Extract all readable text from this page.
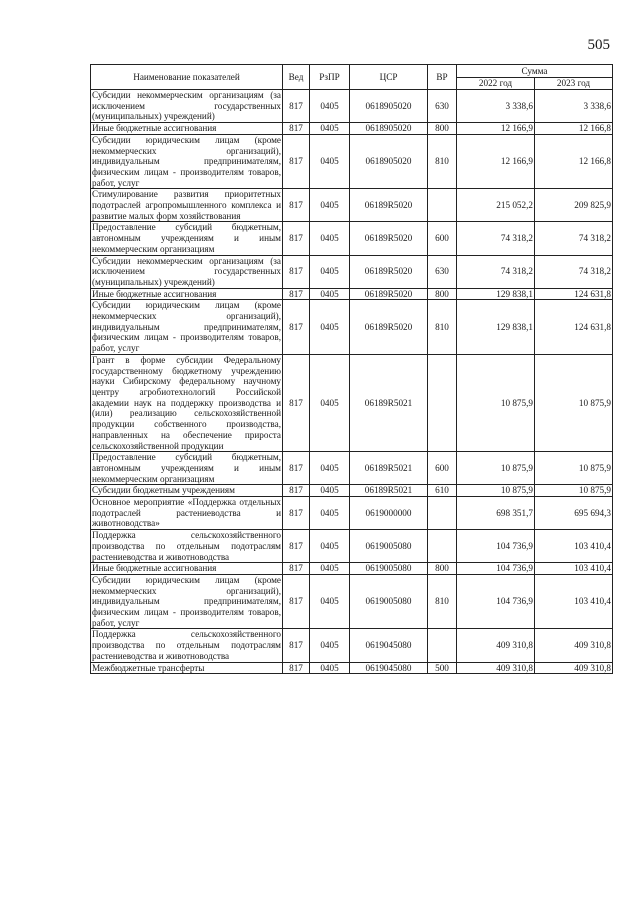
505
Наименование показателей	Вед	РзПР	ЦСР	ВР	Сумма	
					2022 год	2023 год
Субсидии некоммерческим организациям (за исключением государственных (муниципальных) учреждений)	817	0405	0618905020	630	3 338,6	3 338,6
Иные бюджетные ассигнования	817	0405	0618905020	800	12 166,9	12 166,8
Субсидии юридическим лицам (кроме некоммерческих организаций), индивидуальным предпринимателям, физическим лицам - производителям товаров, работ, услуг	817	0405	0618905020	810	12 166,9	12 166,8
Стимулирование развития приоритетных подотраслей агропромышленного комплекса и развитие малых форм хозяйствования	817	0405	06189R5020		215 052,2	209 825,9
Предоставление субсидий бюджетным, автономным учреждениям и иным некоммерческим организациям	817	0405	06189R5020	600	74 318,2	74 318,2
Субсидии некоммерческим организациям (за исключением государственных (муниципальных) учреждений)	817	0405	06189R5020	630	74 318,2	74 318,2
Иные бюджетные ассигнования	817	0405	06189R5020	800	129 838,1	124 631,8
Субсидии юридическим лицам (кроме некоммерческих организаций), индивидуальным предпринимателям, физическим лицам - производителям товаров, работ, услуг	817	0405	06189R5020	810	129 838,1	124 631,8
Грант в форме субсидии Федеральному государственному бюджетному учреждению науки Сибирскому федеральному научному центру агробиотехнологий Российской академии наук на поддержку производства и (или) реализацию сельскохозяйственной продукции собственного производства, направленных на обеспечение прироста сельскохозяйственной продукции	817	0405	06189R5021		10 875,9	10 875,9
Предоставление субсидий бюджетным, автономным учреждениям и иным некоммерческим организациям	817	0405	06189R5021	600	10 875,9	10 875,9
Субсидии бюджетным учреждениям	817	0405	06189R5021	610	10 875,9	10 875,9
Основное мероприятие «Поддержка отдельных подотраслей растениеводства и животноводства»	817	0405	0619000000		698 351,7	695 694,3
Поддержка сельскохозяйственного производства по отдельным подотраслям растениеводства и животноводства	817	0405	0619005080		104 736,9	103 410,4
Иные бюджетные ассигнования	817	0405	0619005080	800	104 736,9	103 410,4
Субсидии юридическим лицам (кроме некоммерческих организаций), индивидуальным предпринимателям, физическим лицам - производителям товаров, работ, услуг	817	0405	0619005080	810	104 736,9	103 410,4
Поддержка сельскохозяйственного производства по отдельным подотраслям растениеводства и животноводства	817	0405	0619045080		409 310,8	409 310,8
Межбюджетные трансферты	817	0405	0619045080	500	409 310,8	409 310,8
